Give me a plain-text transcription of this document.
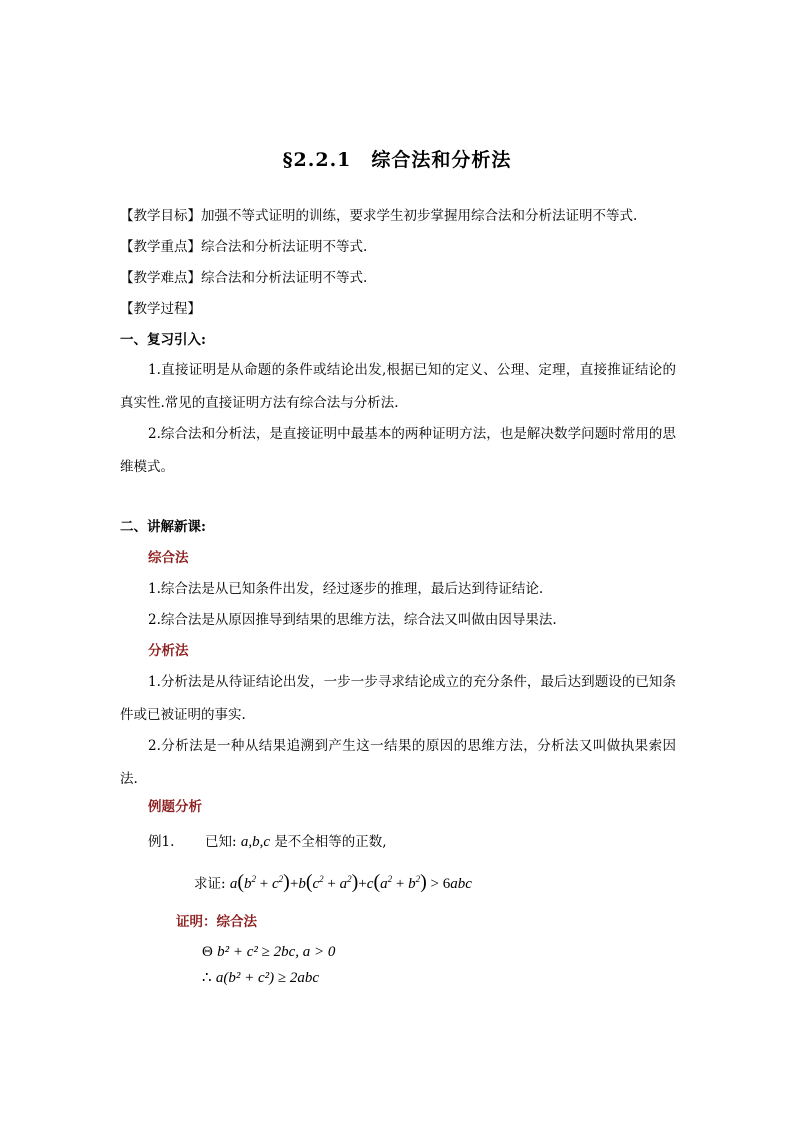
§2.2.1　综合法和分析法
【教学目标】加强不等式证明的训练，要求学生初步掌握用综合法和分析法证明不等式.
【教学重点】综合法和分析法证明不等式.
【教学难点】综合法和分析法证明不等式.
【教学过程】
一、复习引入:
1.直接证明是从命题的条件或结论出发,根据已知的定义、公理、定理，直接推证结论的真实性.常见的直接证明方法有综合法与分析法.
2.综合法和分析法，是直接证明中最基本的两种证明方法，也是解决数学问题时常用的思维模式。
二、讲解新课:
综合法
1.综合法是从已知条件出发，经过逐步的推理，最后达到待证结论.
2.综合法是从原因推导到结果的思维方法，综合法又叫做由因导果法.
分析法
1.分析法是从待证结论出发，一步一步寻求结论成立的充分条件，最后达到题设的已知条件或已被证明的事实.
2.分析法是一种从结果追溯到产生这一结果的原因的思维方法，分析法又叫做执果索因法.
例题分析
例1. 已知: a,b,c 是不全相等的正数,
求证: $a(b^2 + c^2)+b(c^2 + a^2)+c(a^2 + b^2) > 6abc$
证明：综合法
Θ b² + c² ≥ 2bc, a > 0
∴ a(b² + c²) ≥ 2abc
